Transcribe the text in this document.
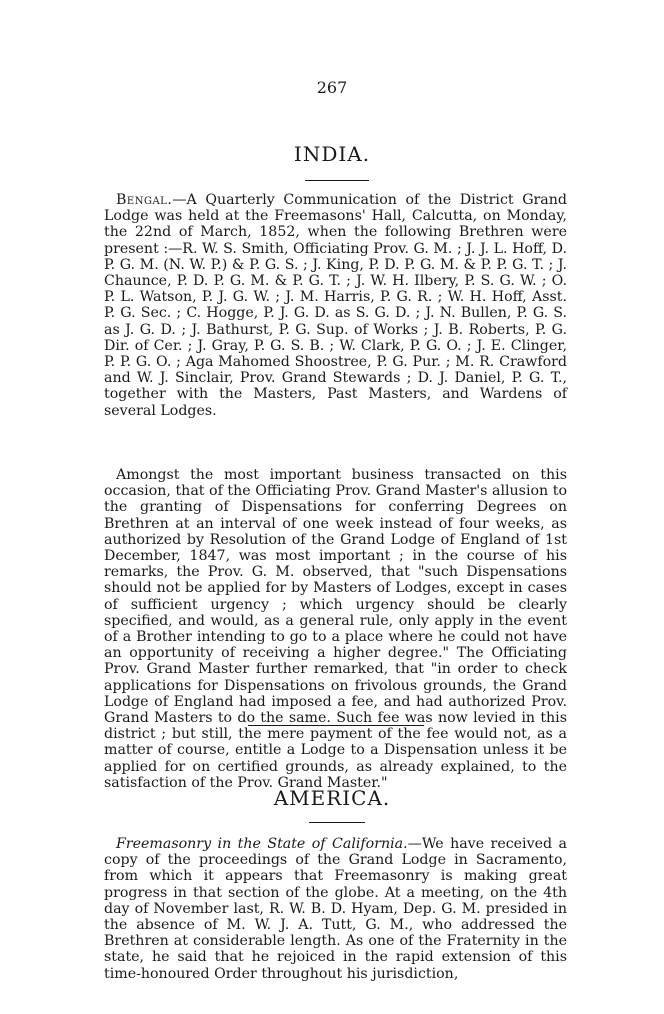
267
INDIA.

Bengal.—A Quarterly Communication of the District Grand Lodge was held at the Freemasons' Hall, Calcutta, on Monday, the 22nd of March, 1852, when the following Brethren were present :—R. W. S. Smith, Officiating Prov. G. M. ; J. J. L. Hoff, D. P. G. M. (N. W. P.) & P. G. S. ; J. King, P. D. P. G. M. & P. P. G. T. ; J. Chaunce, P. D. P. G. M. & P. G. T. ; J. W. H. Ilbery, P. S. G. W. ; O. P. L. Watson, P. J. G. W. ; J. M. Harris, P. G. R. ; W. H. Hoff, Asst. P. G. Sec. ; C. Hogge, P. J. G. D. as S. G. D. ; J. N. Bullen, P. G. S. as J. G. D. ; J. Bathurst, P. G. Sup. of Works ; J. B. Roberts, P. G. Dir. of Cer. ; J. Gray, P. G. S. B. ; W. Clark, P. G. O. ; J. E. Clinger, P. P. G. O. ; Aga Mahomed Shoostree, P. G. Pur. ; M. R. Crawford and W. J. Sinclair, Prov. Grand Stewards ; D. J. Daniel, P. G. T., together with the Masters, Past Masters, and Wardens of several Lodges.

Amongst the most important business transacted on this occasion, that of the Officiating Prov. Grand Master's allusion to the granting of Dispensations for conferring Degrees on Brethren at an interval of one week instead of four weeks, as authorized by Resolution of the Grand Lodge of England of 1st December, 1847, was most important ; in the course of his remarks, the Prov. G. M. observed, that "such Dispensations should not be applied for by Masters of Lodges, except in cases of sufficient urgency ; which urgency should be clearly specified, and would, as a general rule, only apply in the event of a Brother intending to go to a place where he could not have an opportunity of receiving a higher degree." The Officiating Prov. Grand Master further remarked, that "in order to check applications for Dispensations on frivolous grounds, the Grand Lodge of England had imposed a fee, and had authorized Prov. Grand Masters to do the same. Such fee was now levied in this district ; but still, the mere payment of the fee would not, as a matter of course, entitle a Lodge to a Dispensation unless it be applied for on certified grounds, as already explained, to the satisfaction of the Prov. Grand Master."

AMERICA.

Freemasonry in the State of California.—We have received a copy of the proceedings of the Grand Lodge in Sacramento, from which it appears that Freemasonry is making great progress in that section of the globe. At a meeting, on the 4th day of November last, R. W. B. D. Hyam, Dep. G. M. presided in the absence of M. W. J. A. Tutt, G. M., who addressed the Brethren at considerable length. As one of the Fraternity in the state, he said that he rejoiced in the rapid extension of this time-honoured Order throughout his jurisdiction,
